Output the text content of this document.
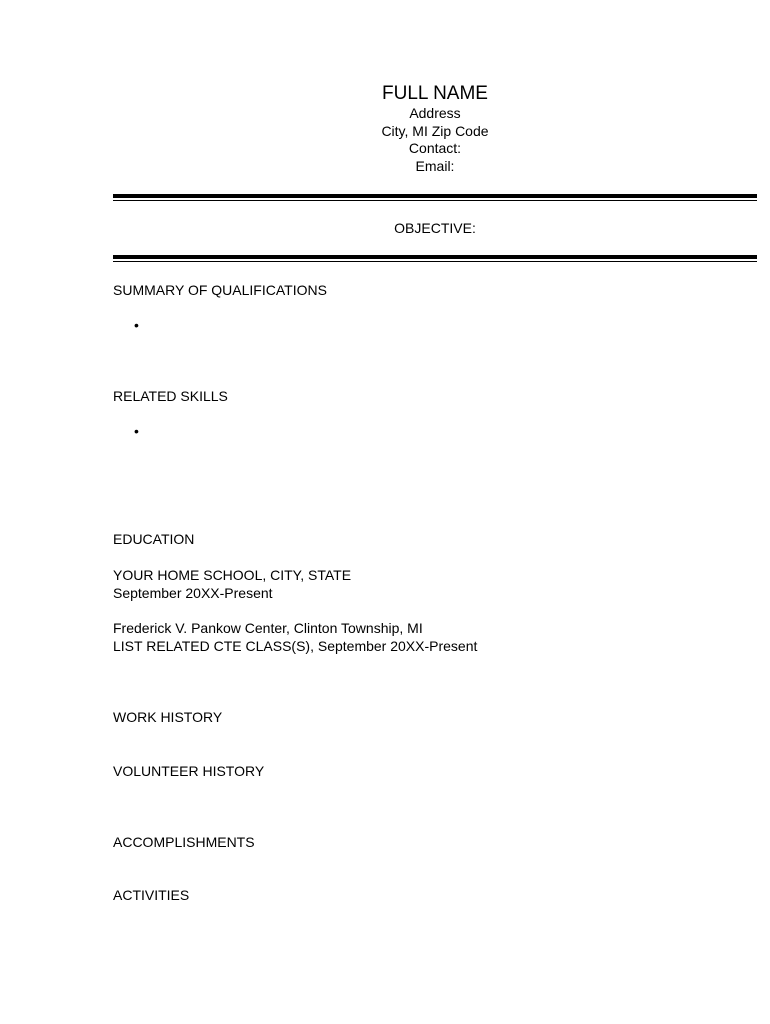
FULL NAME
Address
City, MI Zip Code
Contact:
Email:
OBJECTIVE:
SUMMARY OF QUALIFICATIONS
•
RELATED SKILLS
•
EDUCATION
YOUR HOME SCHOOL, CITY, STATE
September 20XX-Present
Frederick V. Pankow Center, Clinton Township, MI
LIST RELATED CTE CLASS(S), September 20XX-Present
WORK HISTORY
VOLUNTEER HISTORY
ACCOMPLISHMENTS
ACTIVITIES
